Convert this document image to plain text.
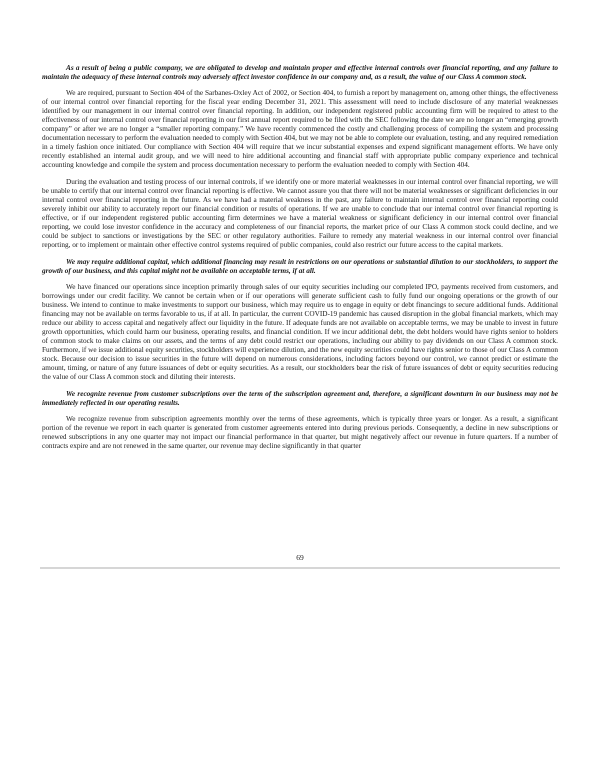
As a result of being a public company, we are obligated to develop and maintain proper and effective internal controls over financial reporting, and any failure to maintain the adequacy of these internal controls may adversely affect investor confidence in our company and, as a result, the value of our Class A common stock.

We are required, pursuant to Section 404 of the Sarbanes-Oxley Act of 2002, or Section 404, to furnish a report by management on, among other things, the effectiveness of our internal control over financial reporting for the fiscal year ending December 31, 2021. This assessment will need to include disclosure of any material weaknesses identified by our management in our internal control over financial reporting. In addition, our independent registered public accounting firm will be required to attest to the effectiveness of our internal control over financial reporting in our first annual report required to be filed with the SEC following the date we are no longer an “emerging growth company” or after we are no longer a “smaller reporting company.” We have recently commenced the costly and challenging process of compiling the system and processing documentation necessary to perform the evaluation needed to comply with Section 404, but we may not be able to complete our evaluation, testing, and any required remediation in a timely fashion once initiated. Our compliance with Section 404 will require that we incur substantial expenses and expend significant management efforts. We have only recently established an internal audit group, and we will need to hire additional accounting and financial staff with appropriate public company experience and technical accounting knowledge and compile the system and process documentation necessary to perform the evaluation needed to comply with Section 404.

During the evaluation and testing process of our internal controls, if we identify one or more material weaknesses in our internal control over financial reporting, we will be unable to certify that our internal control over financial reporting is effective. We cannot assure you that there will not be material weaknesses or significant deficiencies in our internal control over financial reporting in the future. As we have had a material weakness in the past, any failure to maintain internal control over financial reporting could severely inhibit our ability to accurately report our financial condition or results of operations. If we are unable to conclude that our internal control over financial reporting is effective, or if our independent registered public accounting firm determines we have a material weakness or significant deficiency in our internal control over financial reporting, we could lose investor confidence in the accuracy and completeness of our financial reports, the market price of our Class A common stock could decline, and we could be subject to sanctions or investigations by the SEC or other regulatory authorities. Failure to remedy any material weakness in our internal control over financial reporting, or to implement or maintain other effective control systems required of public companies, could also restrict our future access to the capital markets.

We may require additional capital, which additional financing may result in restrictions on our operations or substantial dilution to our stockholders, to support the growth of our business, and this capital might not be available on acceptable terms, if at all.

We have financed our operations since inception primarily through sales of our equity securities including our completed IPO, payments received from customers, and borrowings under our credit facility. We cannot be certain when or if our operations will generate sufficient cash to fully fund our ongoing operations or the growth of our business. We intend to continue to make investments to support our business, which may require us to engage in equity or debt financings to secure additional funds. Additional financing may not be available on terms favorable to us, if at all. In particular, the current COVID-19 pandemic has caused disruption in the global financial markets, which may reduce our ability to access capital and negatively affect our liquidity in the future. If adequate funds are not available on acceptable terms, we may be unable to invest in future growth opportunities, which could harm our business, operating results, and financial condition. If we incur additional debt, the debt holders would have rights senior to holders of common stock to make claims on our assets, and the terms of any debt could restrict our operations, including our ability to pay dividends on our Class A common stock. Furthermore, if we issue additional equity securities, stockholders will experience dilution, and the new equity securities could have rights senior to those of our Class A common stock. Because our decision to issue securities in the future will depend on numerous considerations, including factors beyond our control, we cannot predict or estimate the amount, timing, or nature of any future issuances of debt or equity securities. As a result, our stockholders bear the risk of future issuances of debt or equity securities reducing the value of our Class A common stock and diluting their interests.

We recognize revenue from customer subscriptions over the term of the subscription agreement and, therefore, a significant downturn in our business may not be immediately reflected in our operating results.

We recognize revenue from subscription agreements monthly over the terms of these agreements, which is typically three years or longer. As a result, a significant portion of the revenue we report in each quarter is generated from customer agreements entered into during previous periods. Consequently, a decline in new subscriptions or renewed subscriptions in any one quarter may not impact our financial performance in that quarter, but might negatively affect our revenue in future quarters. If a number of contracts expire and are not renewed in the same quarter, our revenue may decline significantly in that quarter

69
